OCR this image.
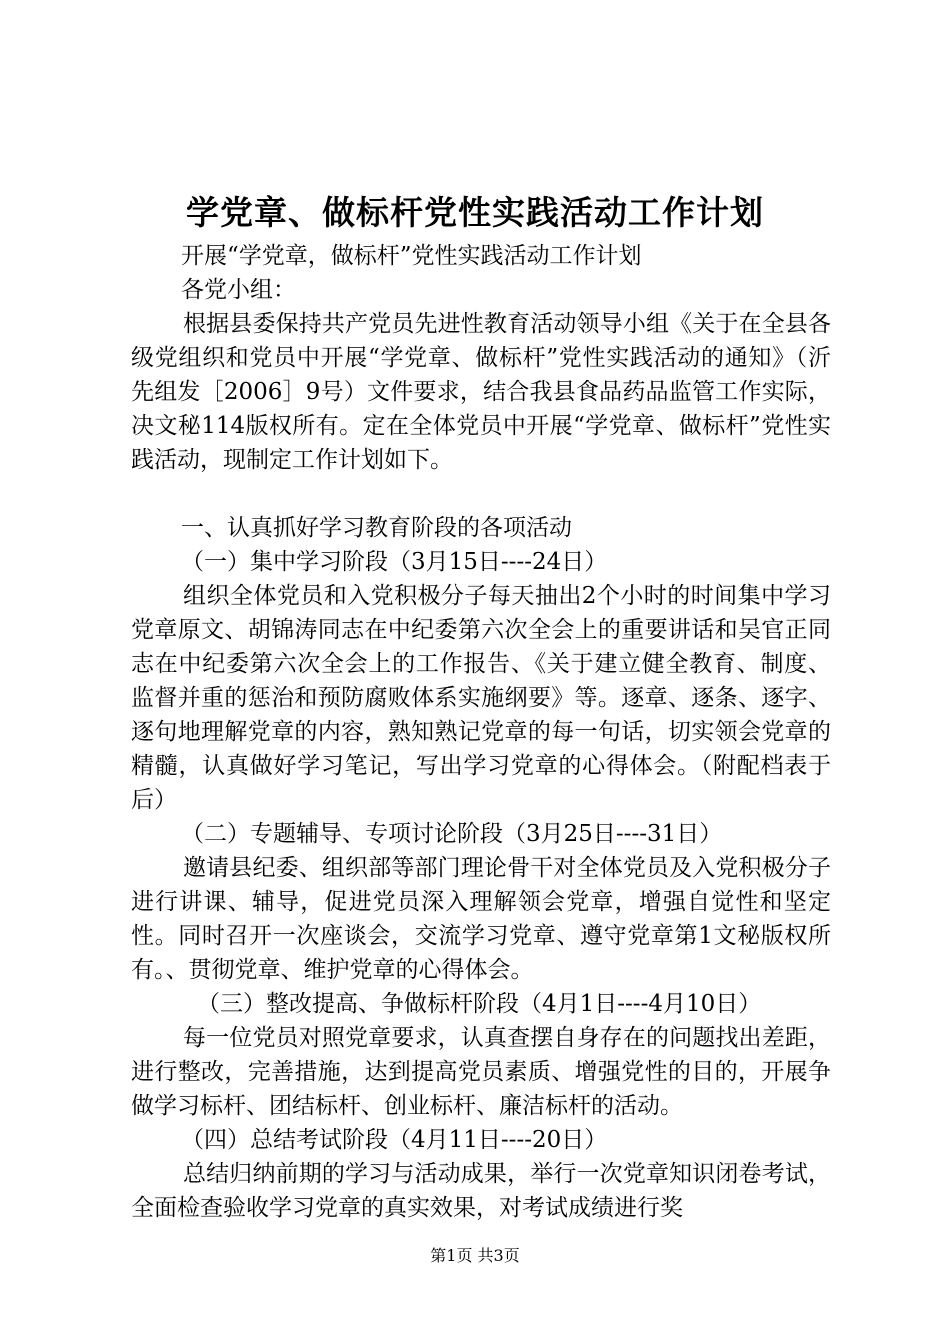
学党章、做标杆党性实践活动工作计划

开展“学党章，做标杆”党性实践活动工作计划

各党小组：

根据县委保持共产党员先进性教育活动领导小组《关于在全县各级党组织和党员中开展“学党章、做标杆”党性实践活动的通知》（沂先组发［2006］9号）文件要求，结合我县食品药品监管工作实际，决文秘114版权所有。定在全体党员中开展“学党章、做标杆”党性实践活动，现制定工作计划如下。

一、认真抓好学习教育阶段的各项活动

（一）集中学习阶段（3月15日----24日）

组织全体党员和入党积极分子每天抽出2个小时的时间集中学习党章原文、胡锦涛同志在中纪委第六次全会上的重要讲话和吴官正同志在中纪委第六次全会上的工作报告、《关于建立健全教育、制度、监督并重的惩治和预防腐败体系实施纲要》等。逐章、逐条、逐字、逐句地理解党章的内容，熟知熟记党章的每一句话，切实领会党章的精髓，认真做好学习笔记，写出学习党章的心得体会。（附配档表于后）

（二）专题辅导、专项讨论阶段（3月25日----31日）

邀请县纪委、组织部等部门理论骨干对全体党员及入党积极分子进行讲课、辅导，促进党员深入理解领会党章，增强自觉性和坚定性。同时召开一次座谈会，交流学习党章、遵守党章第1文秘版权所有。、贯彻党章、维护党章的心得体会。

（三）整改提高、争做标杆阶段（4月1日----4月10日）

每一位党员对照党章要求，认真查摆自身存在的问题找出差距，进行整改，完善措施，达到提高党员素质、增强党性的目的，开展争做学习标杆、团结标杆、创业标杆、廉洁标杆的活动。

（四）总结考试阶段（4月11日----20日）

总结归纳前期的学习与活动成果，举行一次党章知识闭卷考试，全面检查验收学习党章的真实效果，对考试成绩进行奖

第1页 共3页
